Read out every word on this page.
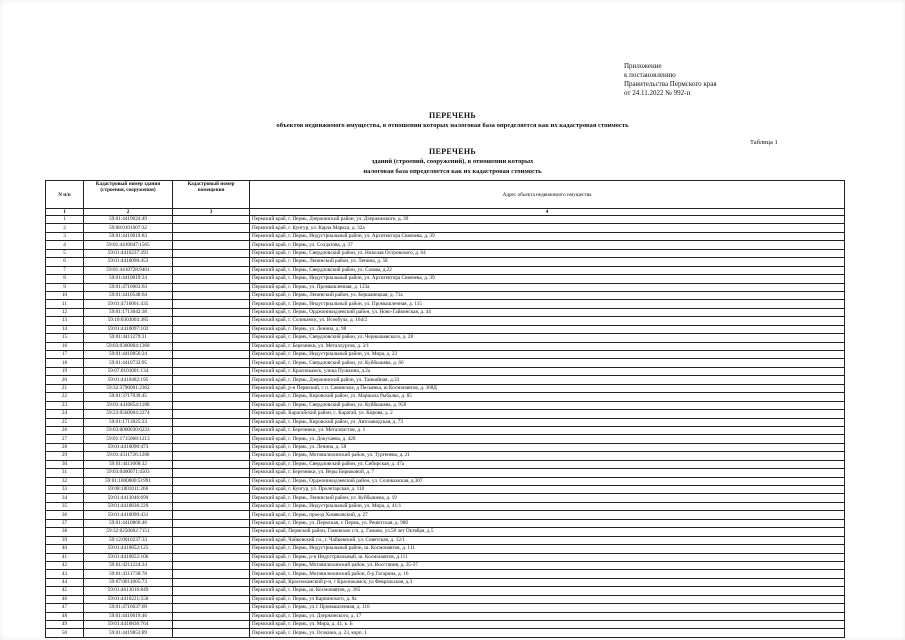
Приложение
к постановлению
Правительства Пермского края
от 24.11.2022 № 992-п
ПЕРЕЧЕНЬ
объектов недвижимого имущества, в отношении которых налоговая база определяется как их кадастровая стоимость
Таблица 1
ПЕРЕЧЕНЬ
зданий (строений, сооружений), в отношении которых
налоговая база определяется как их кадастровая стоимость
N п/п	Кадастровый номер здания (строения, сооружения)	Кадастровый номер помещения	Адрес объекта недвижимого имущества
1	2	3	4
1	59:01:4419024:49		Пермский край, г. Пермь, Дзержинский район, ул. Дзержинского, д. 39
2	59:08:0101007:32		Пермский край, г. Кунгур, ул. Карла Маркса, д. 32а
3	59:01:4410019:83		Пермский край, г. Пермь, Индустриальный район, ул. Архитектора Свиязева, д. 39
4	59:01:4410047:1565		Пермский край, г. Пермь, ул. Солдатова, д. 37
5	59:01:4416237:391		Пермский край, г. Пермь, Свердловский район, ул. Николая Островского, д. 64
6	59:01:4410090:453		Пермский край, г. Пермь, Ленинский район, ул. Ленина, д. 58
7	59:01:4410728:9401		Пермский край, г. Пермь, Свердловский район, ул. Сазова, д.22
8	59:01:4410019:24		Пермский край, г. Пермь, Индустриальный район, ул. Архитектора Свиязева, д. 39
9	59:01:4716063:63		Пермский край, г. Пермь, ул. Промышленная, д. 123а
10	59:01:4410548:64		Пермский край, г. Пермь, Ленинский район, ул. Бершанецкая, д. 71а
11	59:01:4716061:435		Пермский край, г. Пермь, Индустриальный район, ул. Промышленная, д. 115
12	59:01:1713042:38		Пермский край, г. Пермь, Орджоникидзевский район, ул. Ново-Гайвинская, д. 44
13	59:10:0303003:385		Пермский край, г. Соликамск, ул. Всеобуча, д. 164/2
14	59:01:4410097:102		Пермский край, г. Пермь, ул. Ленина, д. 98
15	59:01:4411279:31		Пермский край, г. Пермь, Свердловский район, ул. Чернышевского, д. 28
16	59:03:0300004:1368		Пермский край, г. Березники, ул. Металлургов, д. 3/1
17	59:01:4410856:24		Пермский край, г. Пермь, Индустриальный район, ул. Мира, д. 23
18	59:01:4410732:95		Пермский край, г. Пермь, Свердловский район, ул. Куйбышева, д. 66
19	59:07:0101001:134		Пермский край, г. Краснокамск, улица Пушкина, д.2а
20	59:01:4410482:195		Пермский край, г. Пермь, Дзержинский район, ул. Танкийная, д.33
21	59:32:3790001:2362		Пермский край, р-н Пермский, с п. Савинское, д Песьянка, ш Космонавтов, д. 368Д
22	59:01:3717039:45		Пермский край, г. Пермь, Кировский район, ул. Маршала Рыбалко, д. 85
23	59:01:4410854:1180		Пермский край, г. Пермь, Свердловский район, ул. Куйбышева, д. 95б
24	59:23:0560004:2274		Пермский край, Карагайский район, с. Карагай, ул. Кирова, д. 2
25	59:01:1713025:23		Пермский край, г. Пермь, Кировский район, ул. Автозаводская, д. 73
26	59:03:0000030:6233		Пермский край, г. Березники, ул. Металлистов, д. 1
27	59:01:1715068:1213		Пермский край, г. Пермь, ул. Докучаева, д. 42б
28	59:01:4410090:473		Пермский край, г. Пермь, ул. Ленина, д. 58
29	59:01:4311726:1280		Пермский край, г. Пермь, Мотовилихинский район, ул. Тургенева, д. 21
30	59:01:4411068:32		Пермский край, г. Пермь, Свердловский район, ул. Сибирская, д. 47а
31	59:03:0400071:4503		Пермский край, г. Березники, ул. Веры Бирюковой, д. 7
32	59:01:1000000:51991		Пермский край, г. Пермь, Орджоникидзевский район, ул. Соликамская, д.307
33	59:08:1001011:266		Пермский край, г. Кунгур, ул. Пролетарская, д. 110
34	59:01:4413046:699		Пермский край, г. Пермь, Ленинский район, ул. Куйбышева, д. 19
35	59:01:4410836:229		Пермский край, г. Пермь, Индустриальный район, ул. Мира, д. 41/1
36	59:01:4410090:431		Пермский край, г. Пермь, проезд Хомяковский, д. 27
37	59:01:4410866:46		Пермский край, г. Пермь, ул. Пермская, г. Пермь, ул. Решетская, д. 98б
38	59:32:0250002:7151		Пермский край, Пермский район, Гамовское с/п, д. Гамово, ул.50 лет Октября, д.5
39	59:12:0010237:33		Пермский край, Чайковский г.о., г. Чайковский, ул. Советская, д. 12/1
40	59:01:4410852:125		Пермский край, г. Пермь, Индустриальный район, ш. Космонавтов, д. 111
41	59:01:4410852:106		Пермский край, г. Пермь, р-н Индустриальный, ш. Космонавтов, д.111
42	59:01:4211224:24		Пермский край, г. Пермь, Мотовилихинский район, ул. Восстания, д. 35-37
43	59:01:4311738:78		Пермский край, г. Пермь, Мотовилихинский район, б-р Гагарина, д. 16
44	59:07:0011005:73		Пермский край, Краснокамский р-н, г Краснокамск, ул Февральская, д.3
45	59:01:4613016:849		Пермский край, г. Пермь, ш. Космонавтов, д. 395
46	59:01:4410221:558		Пермский край, г. Пермь, ул Карпинского, д. 8а
47	59:01:4716037:69		Пермский край, г. Пермь, ул.1 Промышленная, д. 110
48	59:01:4410019:46		Пермский край, г. Пермь, ул. Дзержинского, д. 17
49	59:01:4410836:764		Пермский край, г. Пермь, ул. Мира, д. 41, к. Б
50	59:01:4419853:89		Пермский край, г. Пермь, ул. Осокина, д. 23, корп. 1
